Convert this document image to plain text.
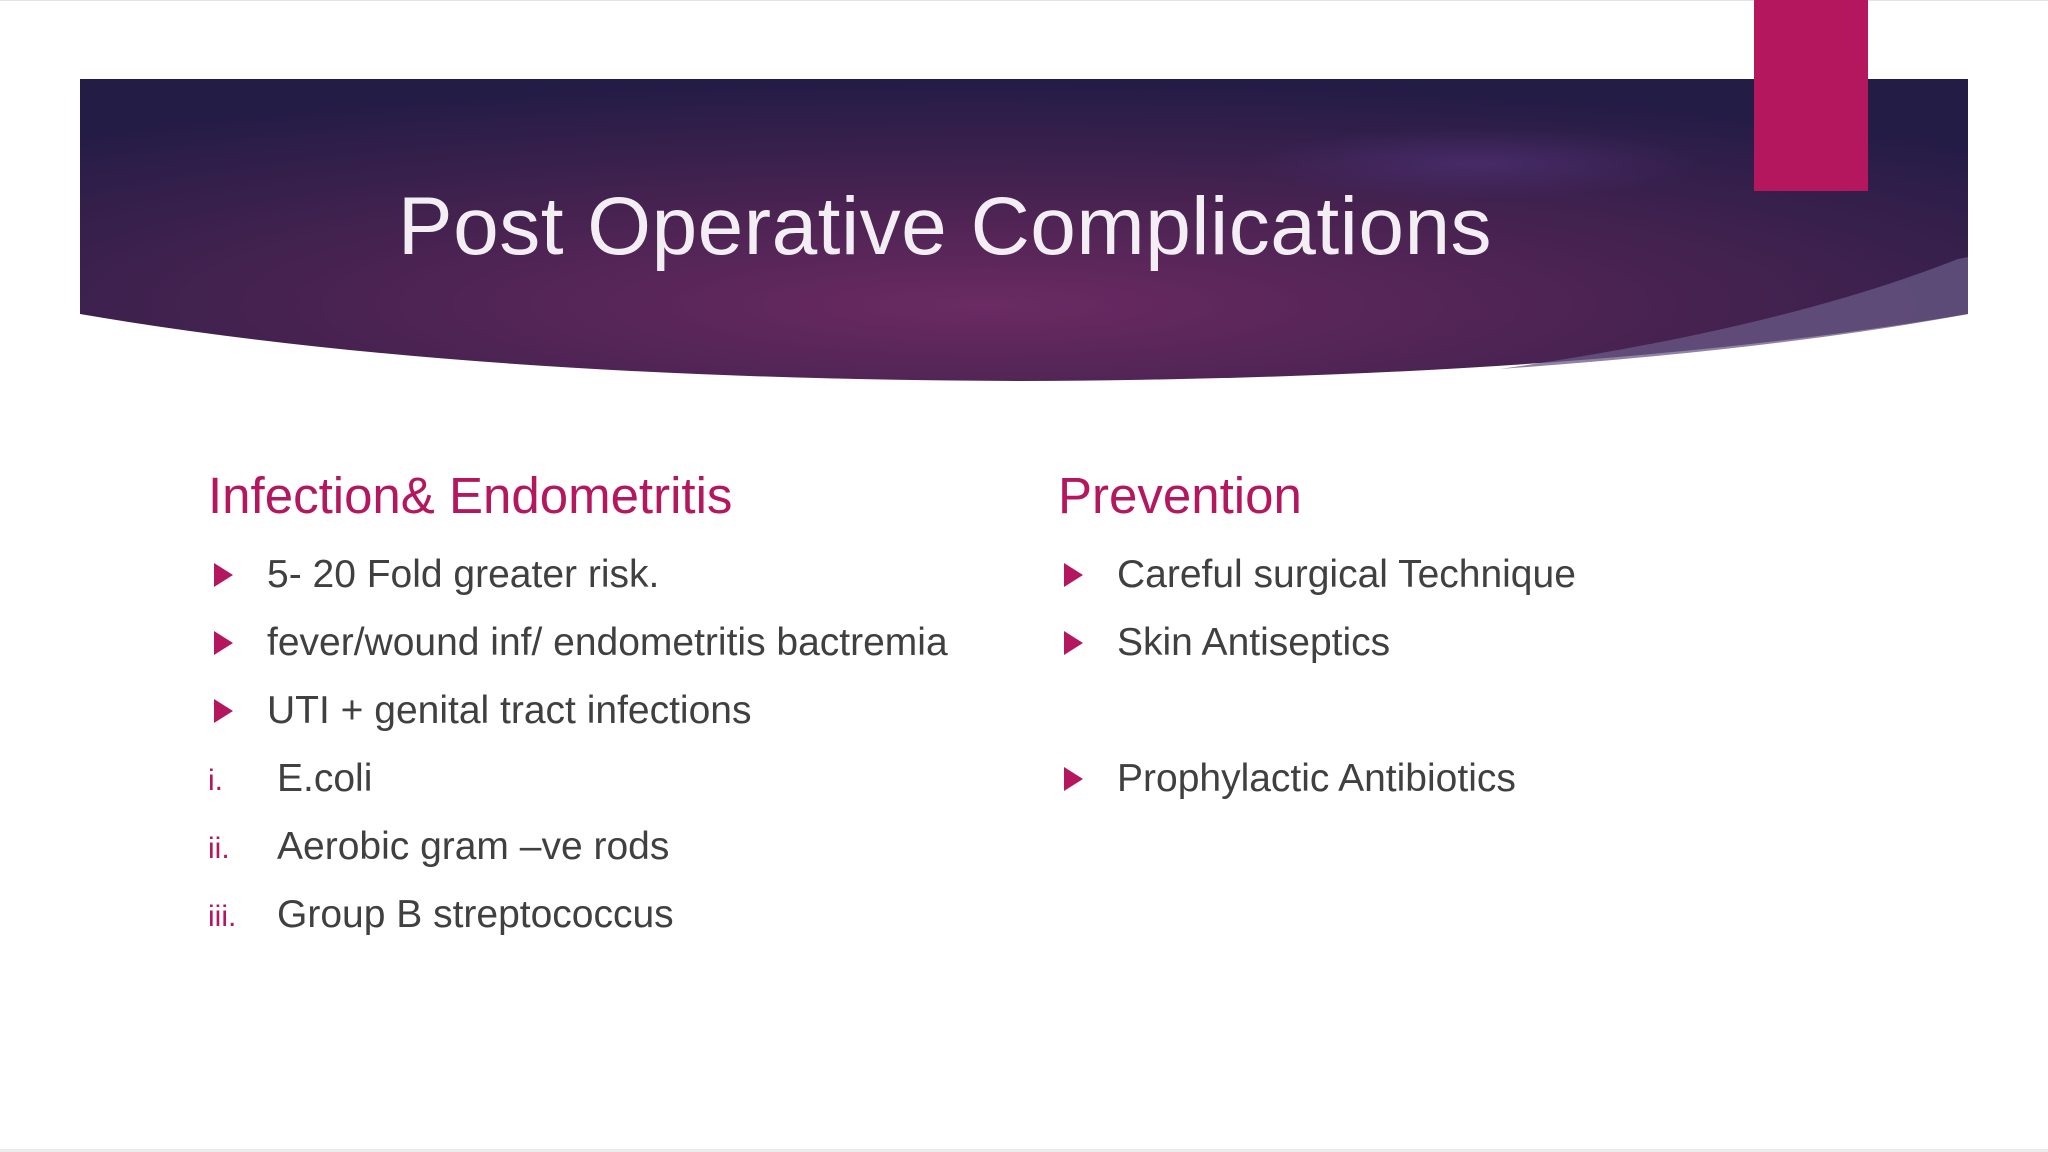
Post Operative Complications
Infection& Endometritis
5- 20 Fold greater risk.
fever/wound inf/ endometritis bactremia
UTI + genital tract infections
i. E.coli
ii. Aerobic gram –ve rods
iii. Group B streptococcus
Prevention
Careful surgical Technique
Skin Antiseptics
Prophylactic Antibiotics
